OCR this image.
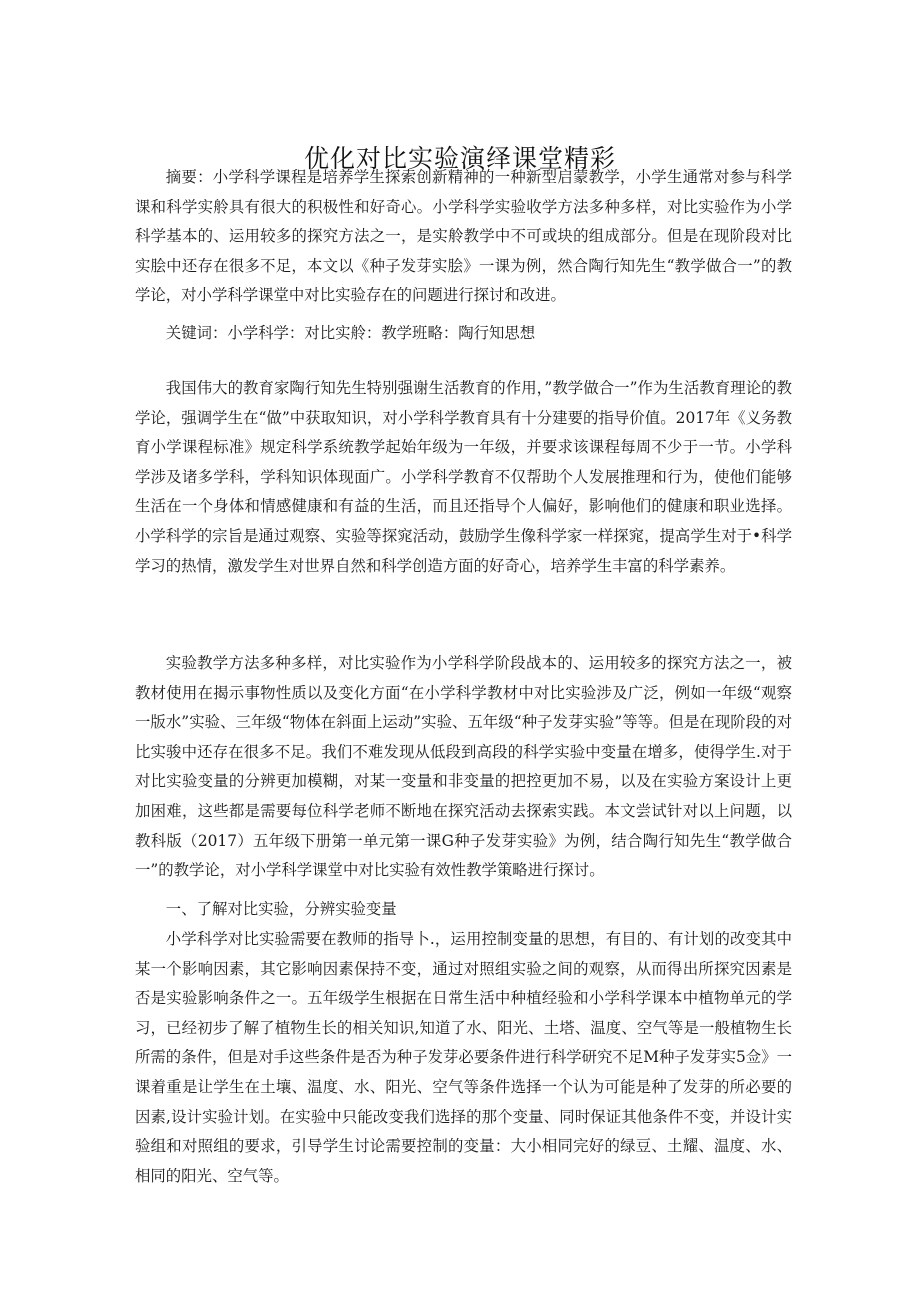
优化对比实验演绎课堂精彩

摘要：小学科学课程是培养学生探索创新精神的一种新型启蒙教学，小学生通常对参与科学课和科学实舲具有很大的积极性和好奇心。小学科学实验收学方法多种多样，对比实验作为小学科学基本的、运用较多的探究方法之一，是实舲教学中不可或块的组成部分。但是在现阶段对比实脍中还存在很多不足，本文以《种子发芽实脍》一课为例，然合陶行知先生“教学做合一”的教学论，对小学科学课堂中对比实验存在的问题进行探讨和改进。

关键词：小学科学：对比实舲：教学班略：陶行知思想

我国伟大的教育家陶行知先生特别强谢生活教育的作用，”教学做合一”作为生活教育理论的教学论，强调学生在“做”中获取知识，对小学科学教育具有十分建要的指导价值。2017年《义务教育小学课程标准》规定科学系统教学起始年级为一年级，并要求该课程每周不少于一节。小学科学涉及诸多学科，学科知识体现面广。小学科学教育不仅帮助个人发展推理和行为，使他们能够生活在一个身体和情感健康和有益的生活，而且还指导个人偏好，影响他们的健康和职业选择。小学科学的宗旨是通过观察、实验等探窕活动，鼓励学生像科学家一样探窕，提高学生对于•科学学习的热情，激发学生对世界自然和科学创造方面的好奇心，培养学生丰富的科学素养。

实验教学方法多种多样，对比实验作为小学科学阶段战本的、运用较多的探究方法之一，被教材使用在揭示事物性质以及变化方面“在小学科学教材中对比实验涉及广泛，例如一年级“观察一版水”实验、三年级“物体在斜面上运动”实验、五年级“种子发芽实验”等等。但是在现阶段的对比实骏中还存在很多不足。我们不难发现从低段到高段的科学实验中变量在增多，使得学生.对于对比实验变量的分辨更加模糊，对某一变量和非变量的把控更加不易，以及在实验方案设计上更加困难，这些都是需要每位科学老师不断地在探究活动去探索实践。本文尝试针对以上问题，以教科版（2017）五年级下册第一单元第一课G种子发芽实验》为例，结合陶行知先生“教学做合一”的教学论，对小学科学课堂中对比实验有效性教学策略进行探讨。

一、了解对比实验，分辨实验变量

小学科学对比实验需要在教师的指导卜.，运用控制变量的思想，有目的、有计划的改变其中某一个影响因素，其它影响因素保持不变，通过对照组实验之间的观察，从而得出所探究因素是否是实验影响条件之一。五年级学生根据在日常生活中种植经验和小学科学课本中植物单元的学习，已经初步了解了植物生长的相关知识,知道了水、阳光、土塔、温度、空气等是一般植物生长所需的条件，但是对手这些条件是否为种子发芽必要条件进行科学研究不足M种子发芽实5佥》一课着重是让学生在土壤、温度、水、阳光、空气等条件选择一个认为可能是种了发芽的所必要的因素,设计实验计划。在实验中只能改变我们选择的那个变量、同时保证其他条件不变，并设计实验组和对照组的要求，引导学生讨论需要控制的变量：大小相同完好的绿豆、土耀、温度、水、相同的阳光、空气等。
